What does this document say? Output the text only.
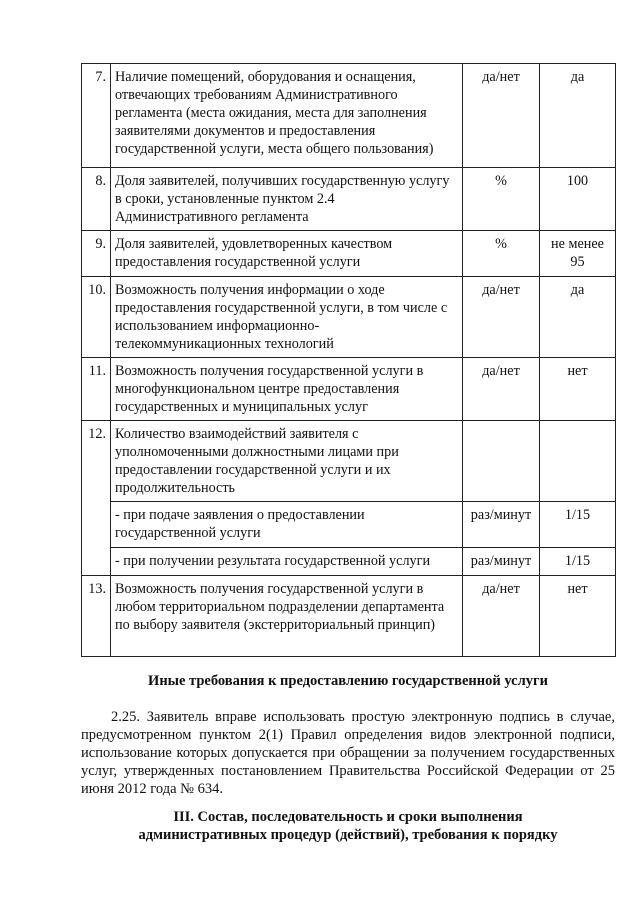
7.	Наличие помещений, оборудования и оснащения, отвечающих требованиям Административного регламента (места ожидания, места для заполнения заявителями документов и предоставления государственной услуги, места общего пользования)	да/нет	да
8.	Доля заявителей, получивших государственную услугу в сроки, установленные пунктом 2.4 Административного регламента	%	100
9.	Доля заявителей, удовлетворенных качеством предоставления государственной услуги	%	не менее 95
10.	Возможность получения информации о ходе предоставления государственной услуги, в том числе с использованием информационно-телекоммуникационных технологий	да/нет	да
11.	Возможность получения государственной услуги в многофункциональном центре предоставления государственных и муниципальных услуг	да/нет	нет
12.	Количество взаимодействий заявителя с уполномоченными должностными лицами при предоставлении государственной услуги и их продолжительность		
	- при подаче заявления о предоставлении государственной услуги	раз/минут	1/15
	- при получении результата государственной услуги	раз/минут	1/15
13.	Возможность получения государственной услуги в любом территориальном подразделении департамента по выбору заявителя (экстерриториальный принцип)	да/нет	нет
Иные требования к предоставлению государственной услуги
2.25. Заявитель вправе использовать простую электронную подпись в случае, предусмотренном пунктом 2(1) Правил определения видов электронной подписи, использование которых допускается при обращении за получением государственных услуг, утвержденных постановлением Правительства Российской Федерации от 25 июня 2012 года № 634.
III. Состав, последовательность и сроки выполнения
административных процедур (действий), требования к порядку
